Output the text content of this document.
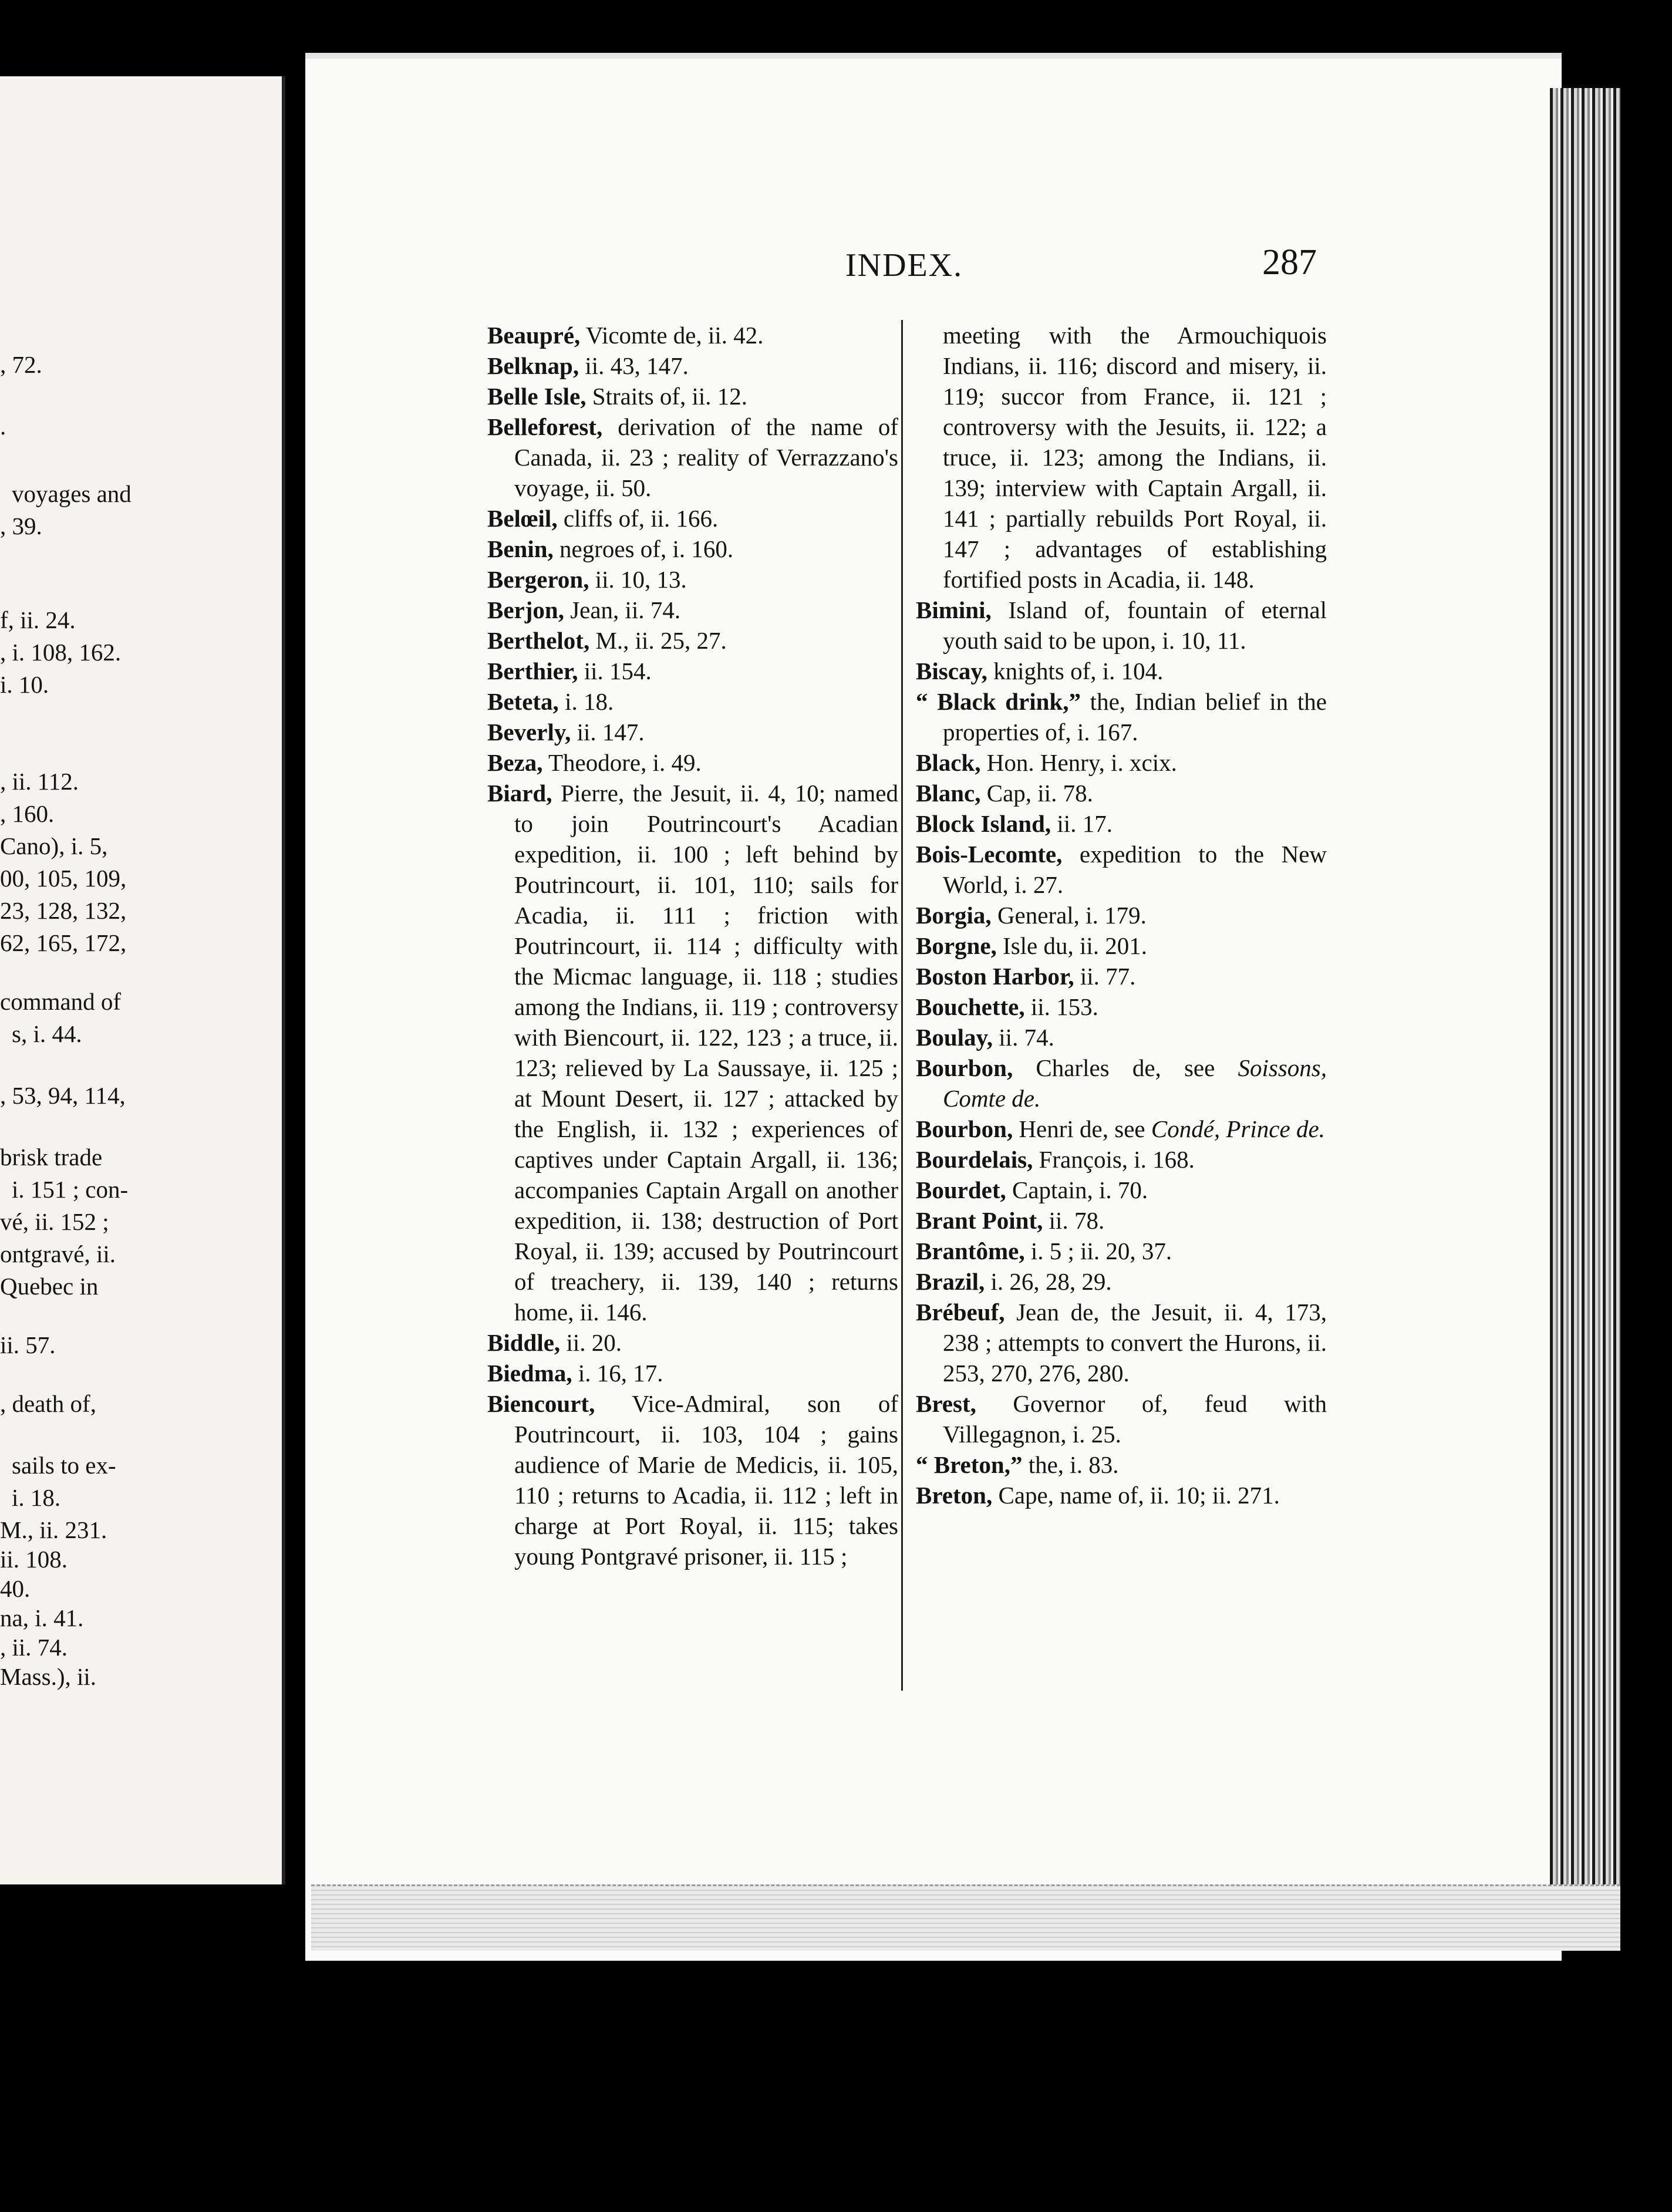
, 72.
.
voyages and
, 39.
f, ii. 24.
, i. 108, 162.
i. 10.
, ii. 112.
, 160.
Cano), i. 5,
00, 105, 109,
23, 128, 132,
62, 165, 172,
command of
s, i. 44.
, 53, 94, 114,
brisk trade
i. 151 ; con-
vé, ii. 152 ;
ontgravé, ii.
Quebec in
ii. 57.
, death of,
sails to ex-
i. 18.
M., ii. 231.
ii. 108.
40.
na, i. 41.
, ii. 74.
Mass.), ii.
INDEX.	287

Beaupré, Vicomte de, ii. 42.

Belknap, ii. 43, 147.

Belle Isle, Straits of, ii. 12.

Belleforest, derivation of the name of Canada, ii. 23 ; reality of Verrazzano's voyage, ii. 50.

Belœil, cliffs of, ii. 166.

Benin, negroes of, i. 160.

Bergeron, ii. 10, 13.

Berjon, Jean, ii. 74.

Berthelot, M., ii. 25, 27.

Berthier, ii. 154.

Beteta, i. 18.

Beverly, ii. 147.

Beza, Theodore, i. 49.

Biard, Pierre, the Jesuit, ii. 4, 10; named to join Poutrincourt's Acadian expedition, ii. 100 ; left behind by Poutrincourt, ii. 101, 110; sails for Acadia, ii. 111 ; friction with Poutrincourt, ii. 114 ; difficulty with the Micmac language, ii. 118 ; studies among the Indians, ii. 119 ; controversy with Biencourt, ii. 122, 123 ; a truce, ii. 123; relieved by La Saussaye, ii. 125 ; at Mount Desert, ii. 127 ; attacked by the English, ii. 132 ; experiences of captives under Captain Argall, ii. 136; accompanies Captain Argall on another expedition, ii. 138; destruction of Port Royal, ii. 139; accused by Poutrincourt of treachery, ii. 139, 140 ; returns home, ii. 146.

Biddle, ii. 20.

Biedma, i. 16, 17.

Biencourt, Vice-Admiral, son of Poutrincourt, ii. 103, 104 ; gains audience of Marie de Medicis, ii. 105, 110 ; returns to Acadia, ii. 112 ; left in charge at Port Royal, ii. 115; takes young Pontgravé prisoner, ii. 115 ;

meeting with the Armouchiquois Indians, ii. 116; discord and misery, ii. 119; succor from France, ii. 121 ; controversy with the Jesuits, ii. 122; a truce, ii. 123; among the Indians, ii. 139; interview with Captain Argall, ii. 141 ; partially rebuilds Port Royal, ii. 147 ; advantages of establishing fortified posts in Acadia, ii. 148.

Bimini, Island of, fountain of eternal youth said to be upon, i. 10, 11.

Biscay, knights of, i. 104.

“ Black drink,” the, Indian belief in the properties of, i. 167.

Black, Hon. Henry, i. xcix.

Blanc, Cap, ii. 78.

Block Island, ii. 17.

Bois-Lecomte, expedition to the New World, i. 27.

Borgia, General, i. 179.

Borgne, Isle du, ii. 201.

Boston Harbor, ii. 77.

Bouchette, ii. 153.

Boulay, ii. 74.

Bourbon, Charles de, see Soissons, Comte de.

Bourbon, Henri de, see Condé, Prince de.

Bourdelais, François, i. 168.

Bourdet, Captain, i. 70.

Brant Point, ii. 78.

Brantôme, i. 5 ; ii. 20, 37.

Brazil, i. 26, 28, 29.

Brébeuf, Jean de, the Jesuit, ii. 4, 173, 238 ; attempts to convert the Hurons, ii. 253, 270, 276, 280.

Brest, Governor of, feud with Villegagnon, i. 25.

“ Breton,” the, i. 83.

Breton, Cape, name of, ii. 10; ii. 271.
